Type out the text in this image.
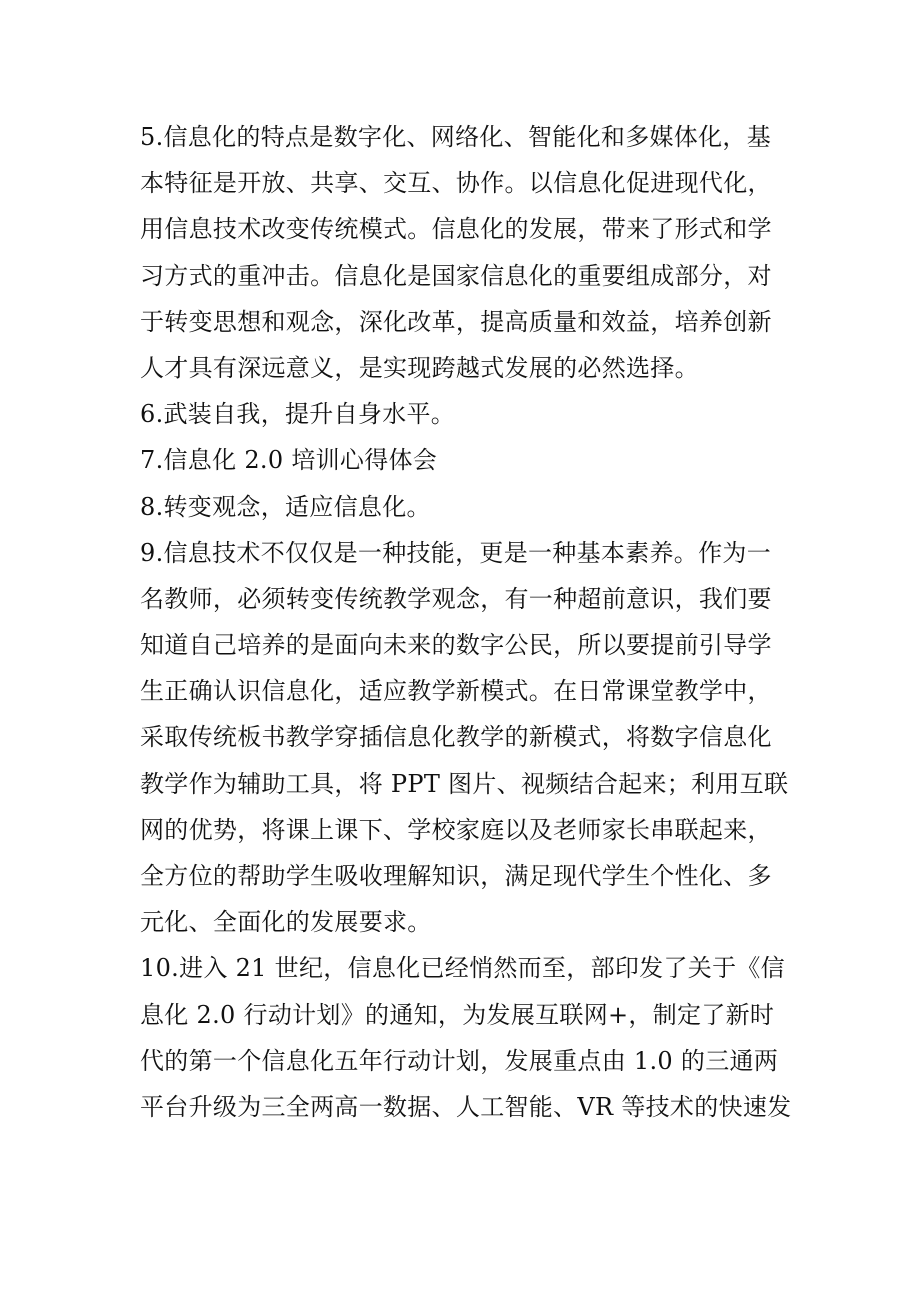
5.信息化的特点是数字化、网络化、智能化和多媒体化，基
本特征是开放、共享、交互、协作。以信息化促进现代化，
用信息技术改变传统模式。信息化的发展，带来了形式和学
习方式的重冲击。信息化是国家信息化的重要组成部分，对
于转变思想和观念，深化改革，提高质量和效益，培养创新
人才具有深远意义，是实现跨越式发展的必然选择。
6.武装自我，提升自身水平。
7.信息化 2.0 培训心得体会
8.转变观念，适应信息化。
9.信息技术不仅仅是一种技能，更是一种基本素养。作为一
名教师，必须转变传统教学观念，有一种超前意识，我们要
知道自己培养的是面向未来的数字公民，所以要提前引导学
生正确认识信息化，适应教学新模式。在日常课堂教学中，
采取传统板书教学穿插信息化教学的新模式，将数字信息化
教学作为辅助工具，将 PPT 图片、视频结合起来；利用互联
网的优势，将课上课下、学校家庭以及老师家长串联起来，
全方位的帮助学生吸收理解知识，满足现代学生个性化、多
元化、全面化的发展要求。
10.进入 21 世纪，信息化已经悄然而至，部印发了关于《信
息化 2.0 行动计划》的通知，为发展互联网+，制定了新时
代的第一个信息化五年行动计划，发展重点由 1.0 的三通两
平台升级为三全两高一数据、人工智能、VR 等技术的快速发
